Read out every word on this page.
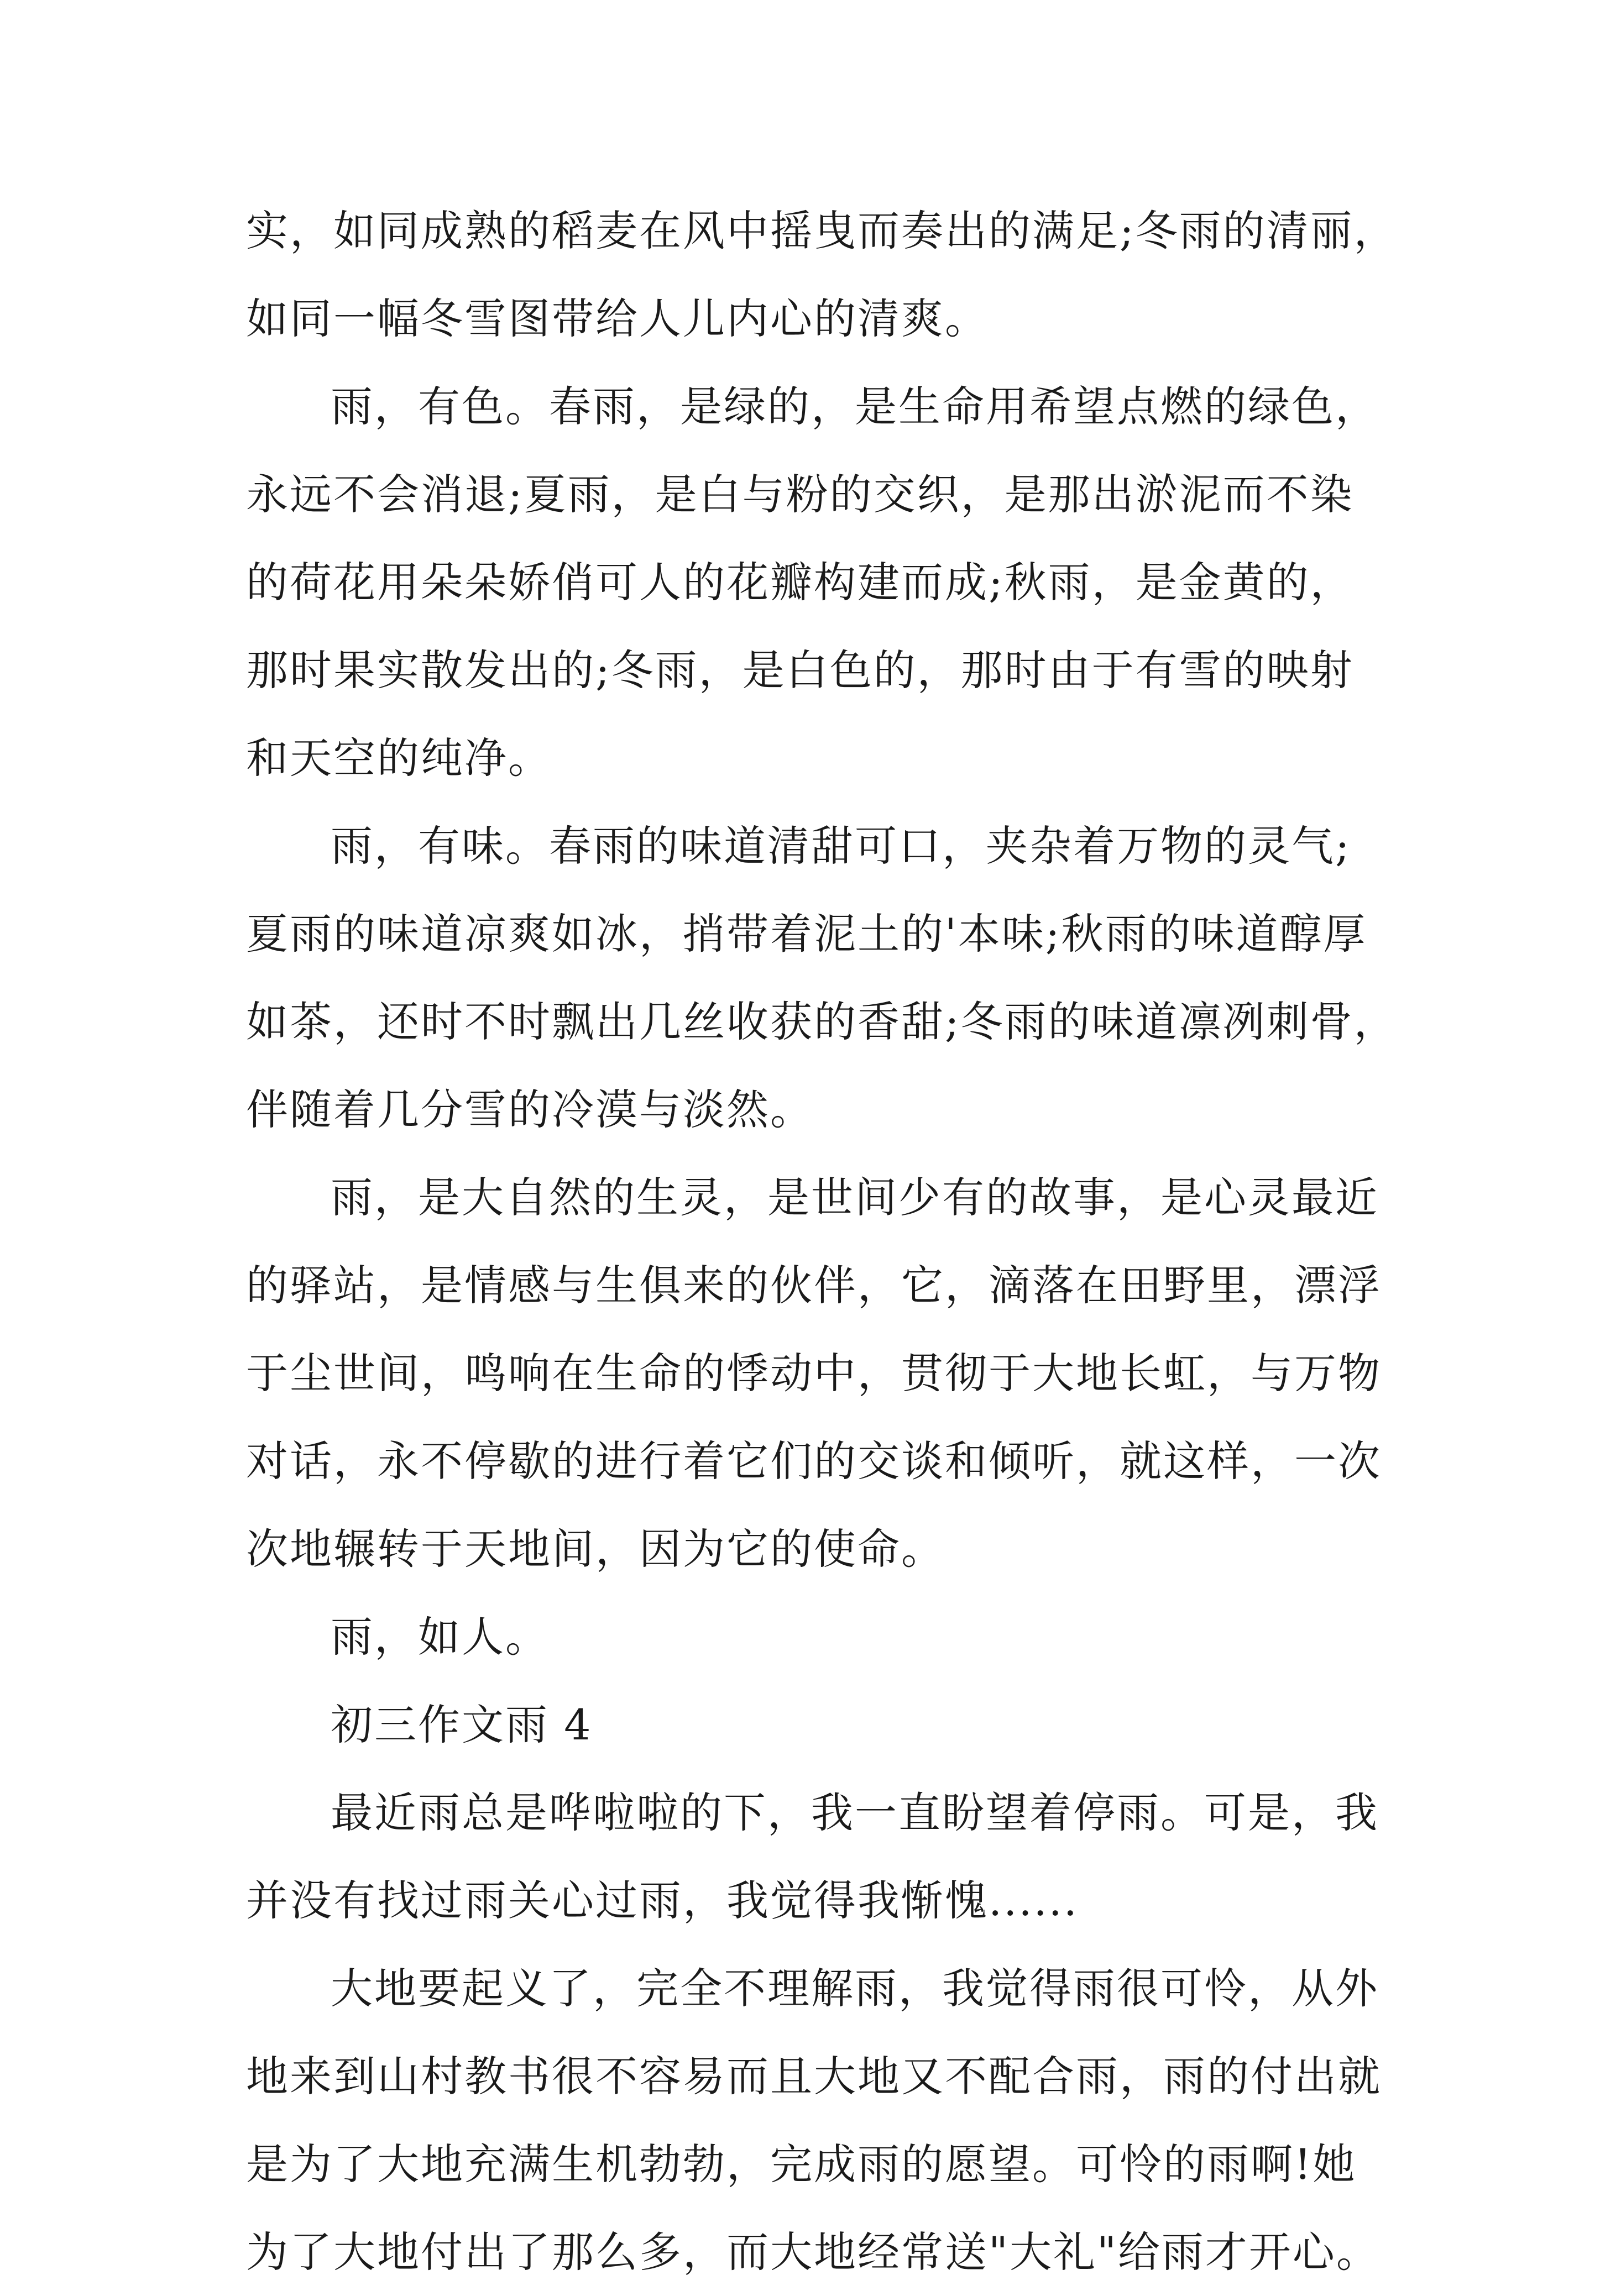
实，如同成熟的稻麦在风中摇曳而奏出的满足;冬雨的清丽，
如同一幅冬雪图带给人儿内心的清爽。
雨，有色。春雨，是绿的，是生命用希望点燃的绿色，
永远不会消退;夏雨，是白与粉的交织，是那出淤泥而不染
的荷花用朵朵娇俏可人的花瓣构建而成;秋雨，是金黄的，
那时果实散发出的;冬雨，是白色的，那时由于有雪的映射
和天空的纯净。
雨，有味。春雨的味道清甜可口，夹杂着万物的灵气;
夏雨的味道凉爽如冰，捎带着泥土的'本味;秋雨的味道醇厚
如茶，还时不时飘出几丝收获的香甜;冬雨的味道凛冽刺骨，
伴随着几分雪的冷漠与淡然。
雨，是大自然的生灵，是世间少有的故事，是心灵最近
的驿站，是情感与生俱来的伙伴，它，滴落在田野里，漂浮
于尘世间，鸣响在生命的悸动中，贯彻于大地长虹，与万物
对话，永不停歇的进行着它们的交谈和倾听，就这样，一次
次地辗转于天地间，因为它的使命。
雨，如人。
初三作文雨 4
最近雨总是哗啦啦的下，我一直盼望着停雨。可是，我
并没有找过雨关心过雨，我觉得我惭愧......
大地要起义了，完全不理解雨，我觉得雨很可怜，从外
地来到山村教书很不容易而且大地又不配合雨，雨的付出就
是为了大地充满生机勃勃，完成雨的愿望。可怜的雨啊!她
为了大地付出了那么多，而大地经常送"大礼"给雨才开心。
